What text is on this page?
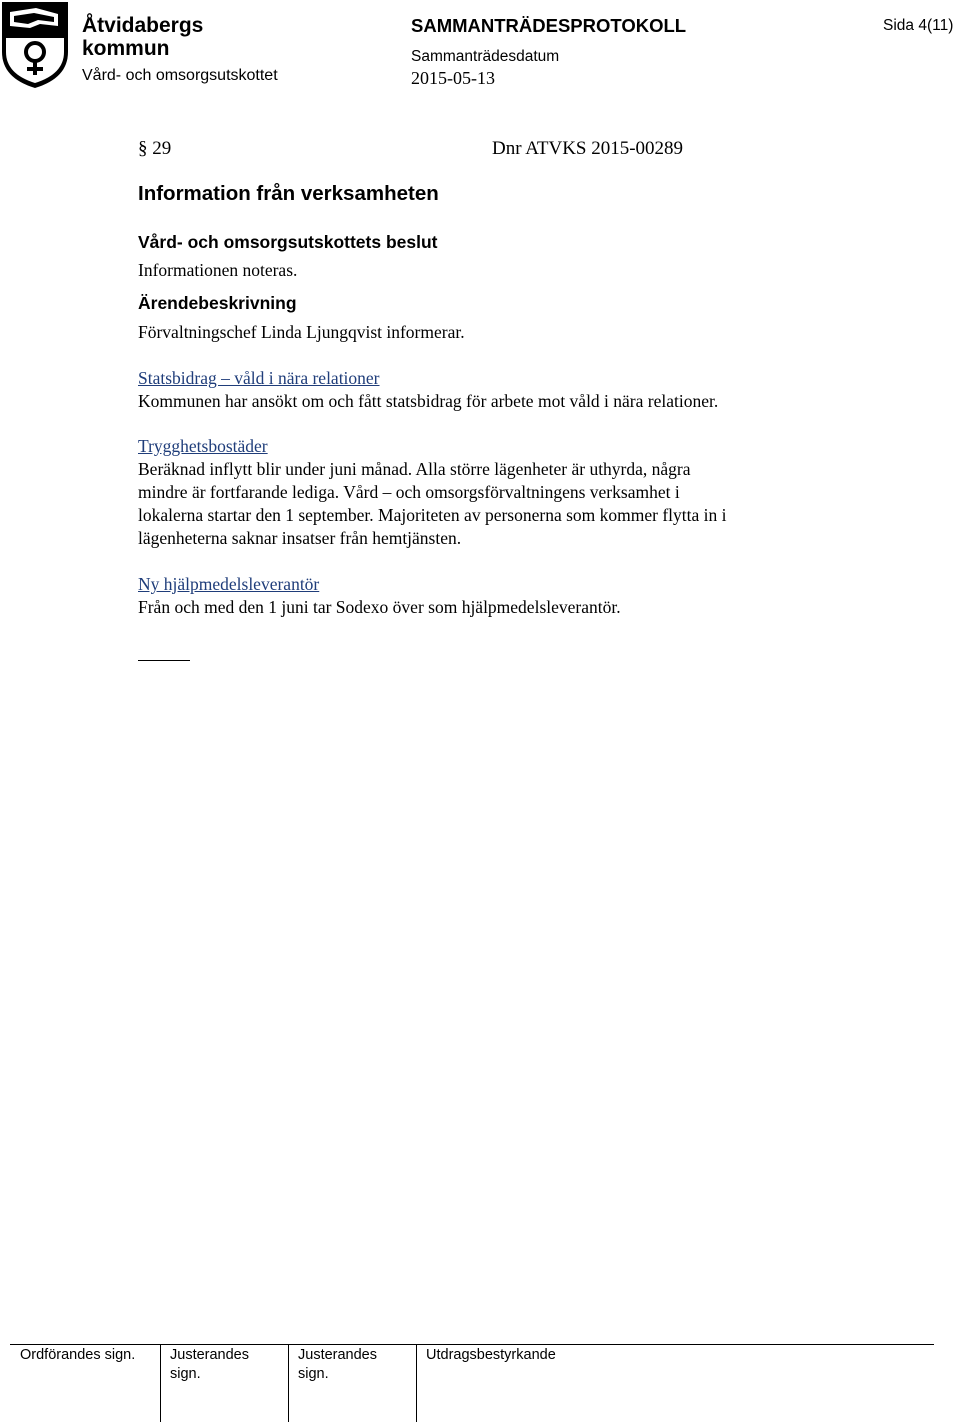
Åtvidabergs
kommun
Vård- och omsorgsutskottet
SAMMANTRÄDESPROTOKOLL
Sammanträdesdatum
2015-05-13
Sida 4(11)
§ 29	Dnr ATVKS 2015-00289
Information från verksamheten
Vård- och omsorgsutskottets beslut
Informationen noteras.
Ärendebeskrivning
Förvaltningschef Linda Ljungqvist informerar.
Statsbidrag – våld i nära relationer
Kommunen har ansökt om och fått statsbidrag för arbete mot våld i nära relationer.
Trygghetsbostäder
Beräknad inflytt blir under juni månad. Alla större lägenheter är uthyrda, några
mindre är fortfarande lediga. Vård – och omsorgsförvaltningens verksamhet i
lokalerna startar den 1 september. Majoriteten av personerna som kommer flytta in i
lägenheterna saknar insatser från hemtjänsten.
Ny hjälpmedelsleverantör
Från och med den 1 juni tar Sodexo över som hjälpmedelsleverantör.
Ordförandes sign. Justerandes
sign.
Justerandes
sign.
Utdragsbestyrkande
